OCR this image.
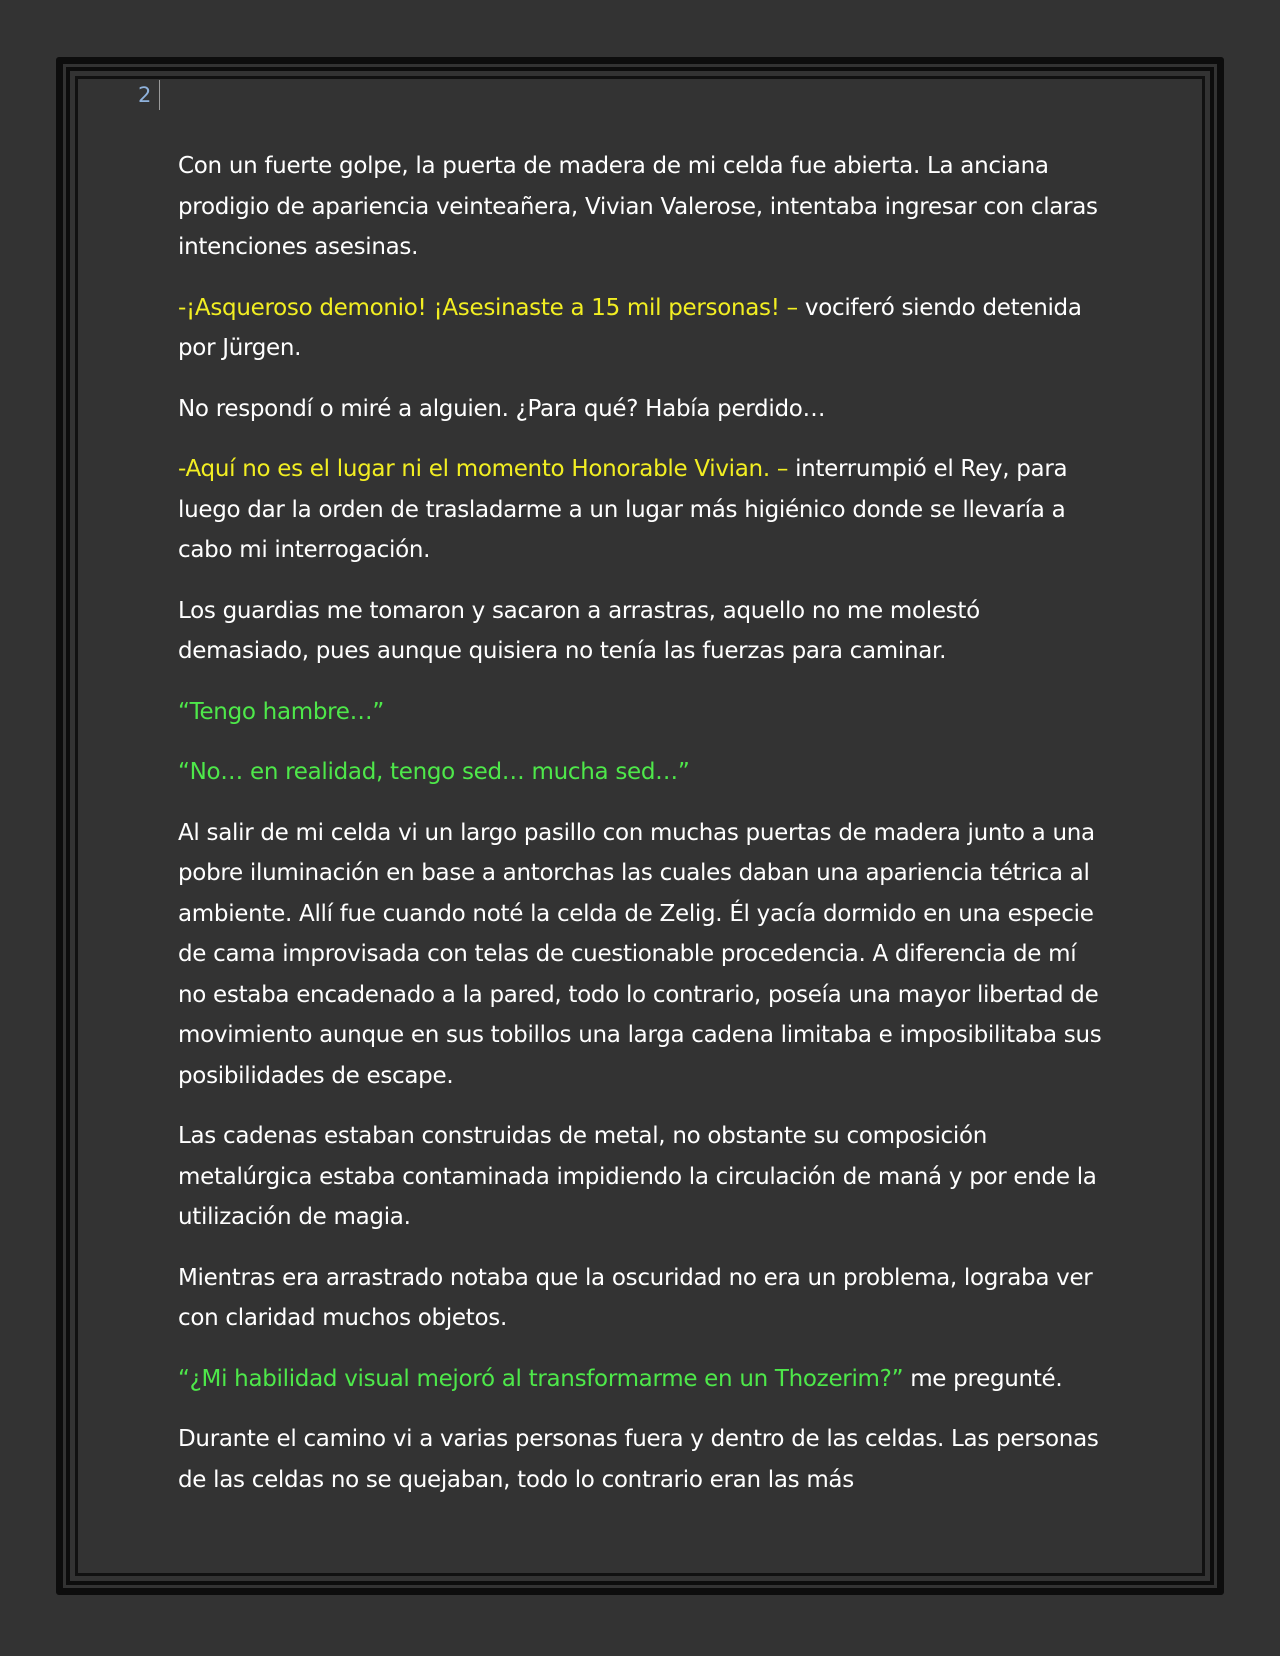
2

Con un fuerte golpe, la puerta de madera de mi celda fue abierta. La anciana prodigio de apariencia veinteañera, Vivian Valerose, intentaba ingresar con claras intenciones asesinas.

-¡Asqueroso demonio! ¡Asesinaste a 15 mil personas! – vociferó siendo detenida por Jürgen.

No respondí o miré a alguien. ¿Para qué? Había perdido…

-Aquí no es el lugar ni el momento Honorable Vivian. – interrumpió el Rey, para luego dar la orden de trasladarme a un lugar más higiénico donde se llevaría a cabo mi interrogación.

Los guardias me tomaron y sacaron a arrastras, aquello no me molestó demasiado, pues aunque quisiera no tenía las fuerzas para caminar.

“Tengo hambre…”

“No… en realidad, tengo sed… mucha sed…”

Al salir de mi celda vi un largo pasillo con muchas puertas de madera junto a una pobre iluminación en base a antorchas las cuales daban una apariencia tétrica al ambiente. Allí fue cuando noté la celda de Zelig. Él yacía dormido en una especie de cama improvisada con telas de cuestionable procedencia. A diferencia de mí no estaba encadenado a la pared, todo lo contrario, poseía una mayor libertad de movimiento aunque en sus tobillos una larga cadena limitaba e imposibilitaba sus posibilidades de escape.

Las cadenas estaban construidas de metal, no obstante su composición metalúrgica estaba contaminada impidiendo la circulación de maná y por ende la utilización de magia.

Mientras era arrastrado notaba que la oscuridad no era un problema, lograba ver con claridad muchos objetos.

“¿Mi habilidad visual mejoró al transformarme en un Thozerim?” me pregunté.

Durante el camino vi a varias personas fuera y dentro de las celdas. Las personas de las celdas no se quejaban, todo lo contrario eran las más
